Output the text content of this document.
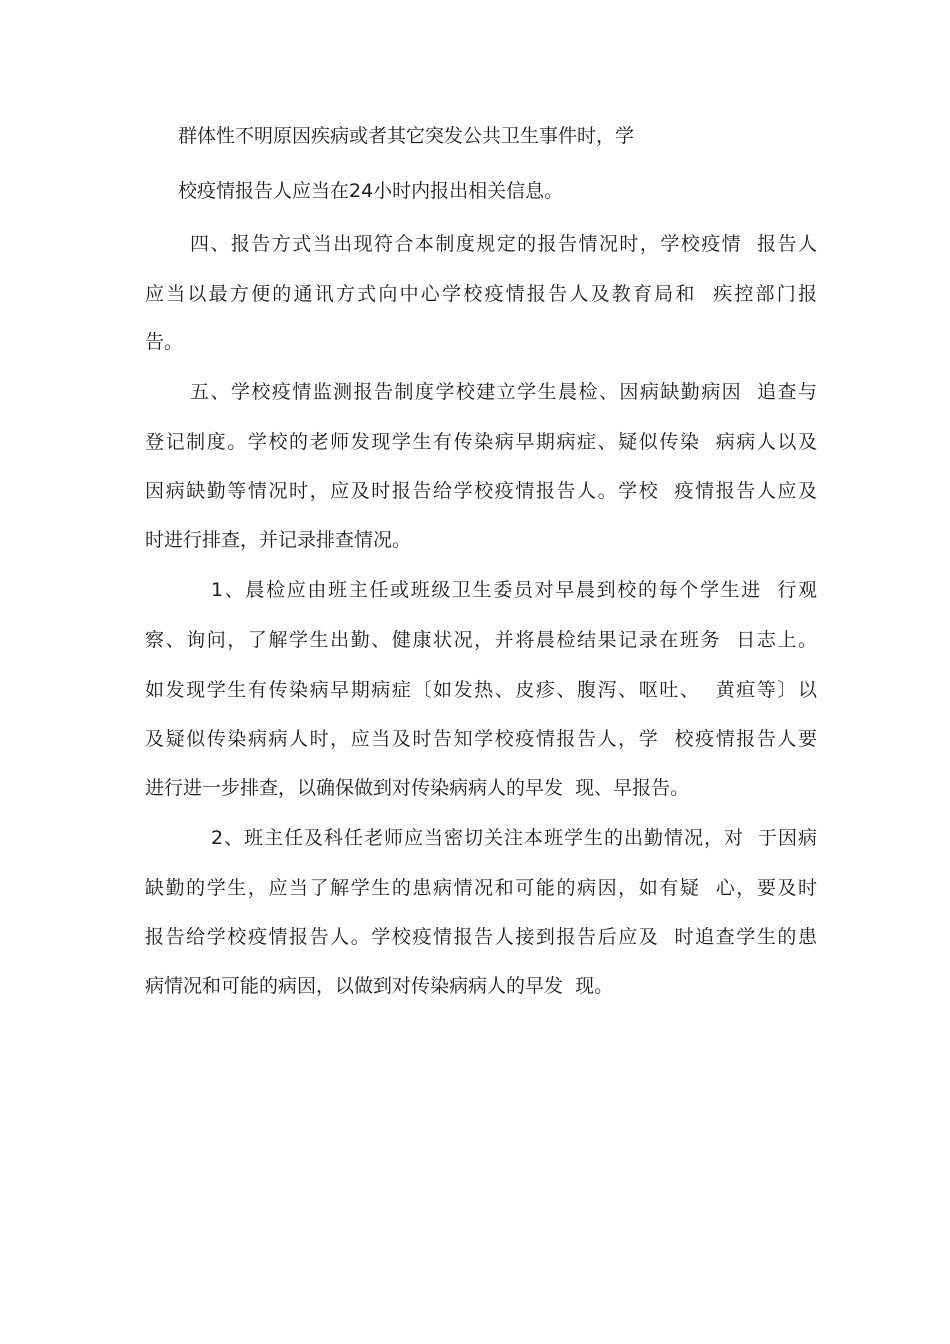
群体性不明原因疾病或者其它突发公共卫生事件时，学

校疫情报告人应当在24小时内报出相关信息。

四、报告方式当出现符合本制度规定的报告情况时，学校疫情  报告人

应当以最方便的通讯方式向中心学校疫情报告人及教育局和  疾控部门报

告。

五、学校疫情监测报告制度学校建立学生晨检、因病缺勤病因  追查与

登记制度。学校的老师发现学生有传染病早期病症、疑似传染  病病人以及

因病缺勤等情况时，应及时报告给学校疫情报告人。学校  疫情报告人应及

时进行排查，并记录排查情况。

1、晨检应由班主任或班级卫生委员对早晨到校的每个学生进  行观

察、询问，了解学生出勤、健康状况，并将晨检结果记录在班务  日志上。

如发现学生有传染病早期病症〔如发热、皮疹、腹泻、呕吐、  黄疸等〕以

及疑似传染病病人时，应当及时告知学校疫情报告人，学  校疫情报告人要

进行进一步排查，以确保做到对传染病病人的早发  现、早报告。

2、班主任及科任老师应当密切关注本班学生的出勤情况，对  于因病

缺勤的学生，应当了解学生的患病情况和可能的病因，如有疑  心，要及时

报告给学校疫情报告人。学校疫情报告人接到报告后应及  时追查学生的患

病情况和可能的病因，以做到对传染病病人的早发  现。
